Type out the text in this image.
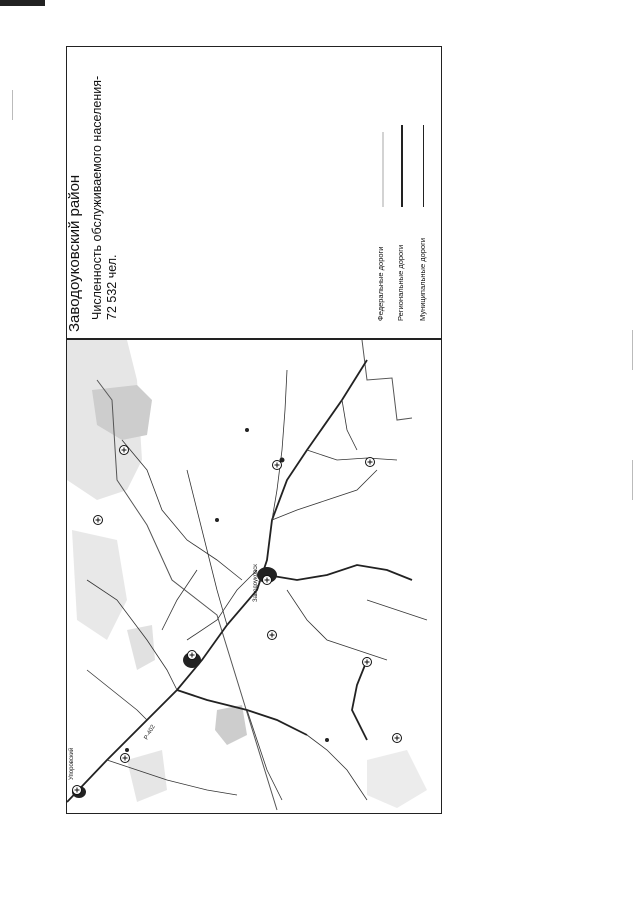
Заводоуковский район Численность обслуживаемого населения- 72 532 чел.	Федеральные дороги Региональные дороги Муниципальные дороги
Заводоуковск
Упоровский
Р-402
